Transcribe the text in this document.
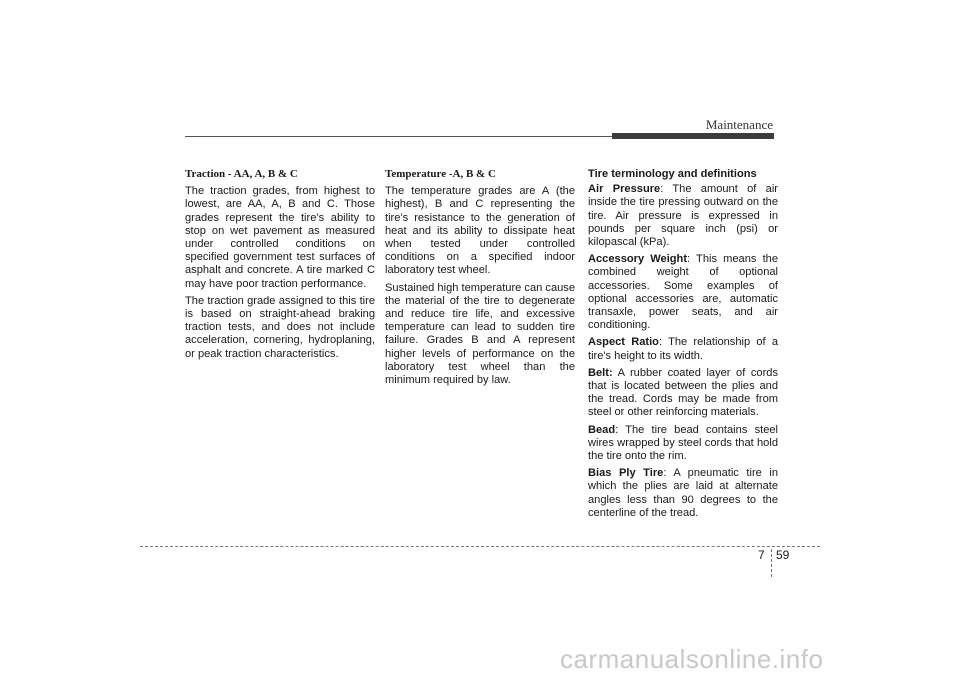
Maintenance
Traction - AA, A, B & C

The traction grades, from highest to lowest, are AA, A, B and C. Those grades represent the tire’s ability to stop on wet pavement as measured under controlled conditions on specified government test surfaces of asphalt and concrete. A tire marked C may have poor traction performance.

The traction grade assigned to this tire is based on straight-ahead braking traction tests, and does not include acceleration, cornering, hydroplaning, or peak traction characteristics.

Temperature -A, B & C

The temperature grades are A (the highest), B and C representing the tire’s resistance to the generation of heat and its ability to dissipate heat when tested under controlled conditions on a specified indoor laboratory test wheel.

Sustained high temperature can cause the material of the tire to degenerate and reduce tire life, and excessive temperature can lead to sudden tire failure. Grades B and A represent higher levels of performance on the laboratory test wheel than the minimum required by law.

Tire terminology and definitions

Air Pressure: The amount of air inside the tire pressing outward on the tire. Air pressure is expressed in pounds per square inch (psi) or kilopascal (kPa).

Accessory Weight: This means the combined weight of optional accessories. Some examples of optional accessories are, automatic transaxle, power seats, and air conditioning.

Aspect Ratio: The relationship of a tire's height to its width.

Belt: A rubber coated layer of cords that is located between the plies and the tread. Cords may be made from steel or other reinforcing materials.

Bead: The tire bead contains steel wires wrapped by steel cords that hold the tire onto the rim.

Bias Ply Tire: A pneumatic tire in which the plies are laid at alternate angles less than 90 degrees to the centerline of the tread.

7 59
carmanualsonline.info
